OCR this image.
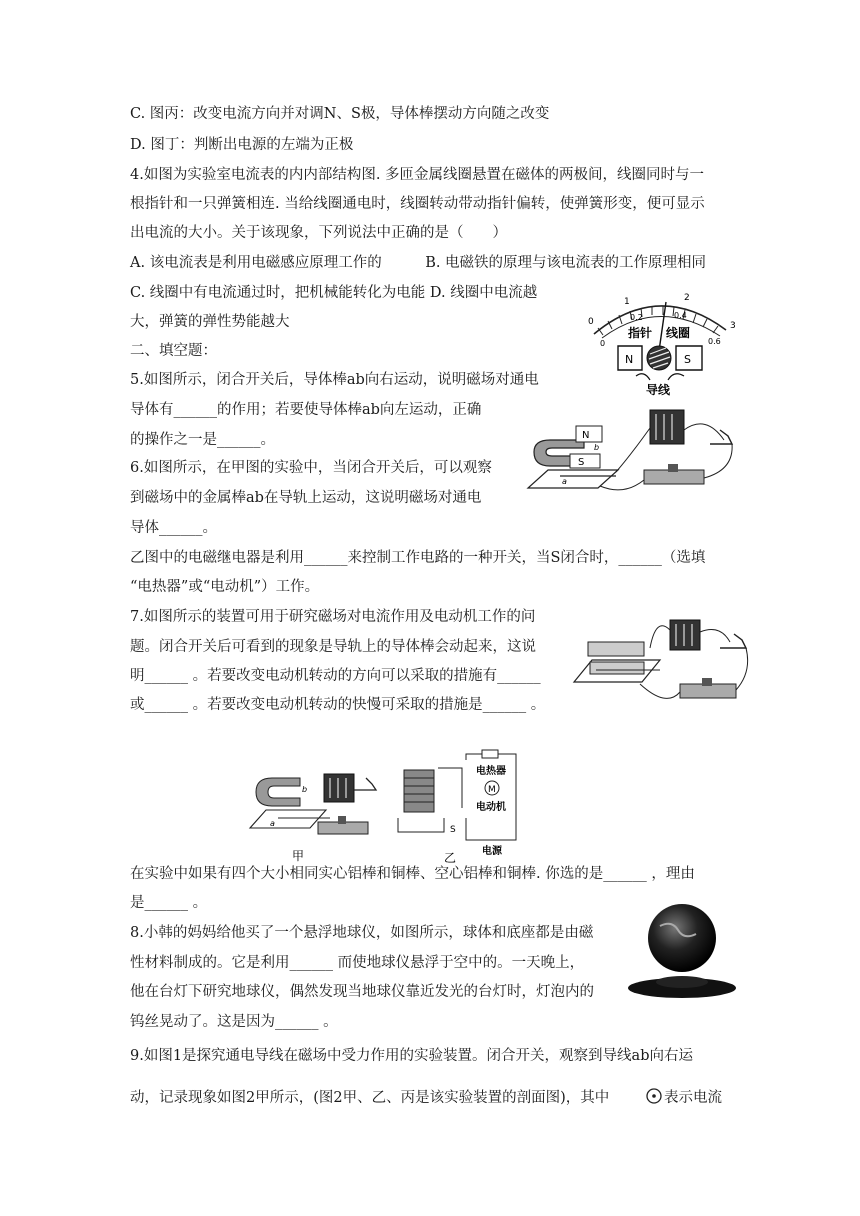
C. 图丙：改变电流方向并对调N、S极，导体棒摆动方向随之改变
D. 图丁：判断出电源的左端为正极
4.如图为实验室电流表的内内部结构图. 多匝金属线圈悬置在磁体的两极间，线圈同时与一
根指针和一只弹簧相连. 当给线圈通电时，线圈转动带动指针偏转，使弹簧形变，便可显示
出电流的大小。关于该现象，下列说法中正确的是（　　）
A. 该电流表是利用电磁感应原理工作的　　　B. 电磁铁的原理与该电流表的工作原理相同
C. 线圈中有电流通过时，把机械能转化为电能 D. 线圈中电流越
大，弹簧的弹性势能越大
二、填空题：
5.如图所示，闭合开关后，导体棒ab向右运动，说明磁场对通电
导体有______的作用；若要使导体棒ab向左运动，正确
的操作之一是______。
6.如图所示，在甲图的实验中，当闭合开关后，可以观察
到磁场中的金属棒ab在导轨上运动，这说明磁场对通电
导体______。
乙图中的电磁继电器是利用______来控制工作电路的一种开关，当S闭合时，______（选填
“电热器”或“电动机”）工作。
7.如图所示的装置可用于研究磁场对电流作用及电动机工作的问
题。闭合开关后可看到的现象是导轨上的导体棒会动起来，这说
明______ 。若要改变电动机转动的方向可以采取的措施有______
或______ 。若要改变电动机转动的快慢可采取的措施是______ 。
在实验中如果有四个大小相同实心铝棒和铜棒、空心铝棒和铜棒. 你选的是______ ，理由
是______ 。
8.小韩的妈妈给他买了一个悬浮地球仪，如图所示，球体和底座都是由磁
性材料制成的。它是利用______ 而使地球仪悬浮于空中的。一天晚上，
他在台灯下研究地球仪，偶然发现当地球仪靠近发光的台灯时，灯泡内的
钨丝晃动了。这是因为______ 。
9.如图1是探究通电导线在磁场中受力作用的实验装置。闭合开关，观察到导线ab向右运
动，记录现象如图2甲所示，(图2甲、乙、丙是该实验装置的剖面图)，其中	表示电流
0
1	2
3
0
0.2	0.4
0.6
指针 线圈
N	S
导线
N
S
b
a
b
a
甲
S
电热器
M
电动机
电源
乙
